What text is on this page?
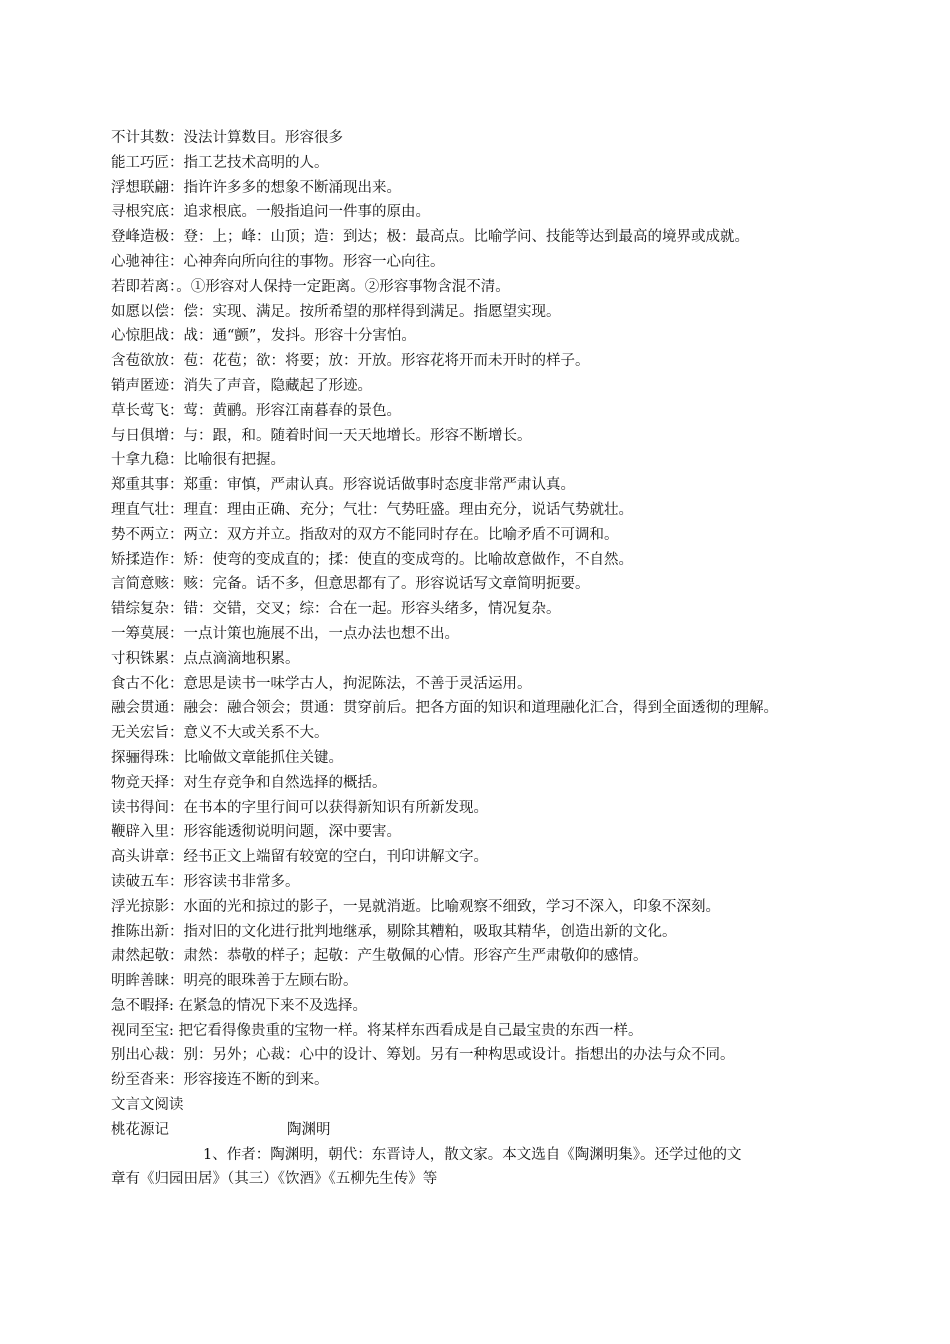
不计其数：没法计算数目。形容很多
能工巧匠：指工艺技术高明的人。
浮想联翩：指许许多多的想象不断涌现出来。
寻根究底：追求根底。一般指追问一件事的原由。
登峰造极：登：上；峰：山顶；造：到达；极：最高点。比喻学问、技能等达到最高的境界或成就。
心驰神往：心神奔向所向往的事物。形容一心向往。
若即若离：。①形容对人保持一定距离。②形容事物含混不清。
如愿以偿：偿：实现、满足。按所希望的那样得到满足。指愿望实现。
心惊胆战：战：通“颤”，发抖。形容十分害怕。
含苞欲放：苞：花苞；欲：将要；放：开放。形容花将开而未开时的样子。
销声匿迹：消失了声音，隐藏起了形迹。
草长莺飞：莺：黄鹂。形容江南暮春的景色。
与日俱增：与：跟，和。随着时间一天天地增长。形容不断增长。
十拿九稳：比喻很有把握。
郑重其事：郑重：审慎，严肃认真。形容说话做事时态度非常严肃认真。
理直气壮：理直：理由正确、充分；气壮：气势旺盛。理由充分，说话气势就壮。
势不两立：两立：双方并立。指敌对的双方不能同时存在。比喻矛盾不可调和。
矫揉造作：矫：使弯的变成直的；揉：使直的变成弯的。比喻故意做作，不自然。
言简意赅：赅：完备。话不多，但意思都有了。形容说话写文章简明扼要。
错综复杂：错：交错，交叉；综：合在一起。形容头绪多，情况复杂。
一筹莫展：一点计策也施展不出，一点办法也想不出。
寸积铢累：点点滴滴地积累。
食古不化：意思是读书一味学古人，拘泥陈法，不善于灵活运用。
融会贯通：融会：融合领会；贯通：贯穿前后。把各方面的知识和道理融化汇合，得到全面透彻的理解。
无关宏旨：意义不大或关系不大。
探骊得珠：比喻做文章能抓住关键。
物竞天择：对生存竞争和自然选择的概括。
读书得间：在书本的字里行间可以获得新知识有所新发现。
鞭辟入里：形容能透彻说明问题，深中要害。
高头讲章：经书正文上端留有较宽的空白，刊印讲解文字。
读破五车：形容读书非常多。
浮光掠影：水面的光和掠过的影子，一晃就消逝。比喻观察不细致，学习不深入，印象不深刻。
推陈出新：指对旧的文化进行批判地继承，剔除其糟粕，吸取其精华，创造出新的文化。
肃然起敬：肃然：恭敬的样子；起敬：产生敬佩的心情。形容产生严肃敬仰的感情。
明眸善睐：明亮的眼珠善于左顾右盼。
急不暇择: 在紧急的情况下来不及选择。
视同至宝: 把它看得像贵重的宝物一样。将某样东西看成是自己最宝贵的东西一样。
别出心裁：别：另外；心裁：心中的设计、筹划。另有一种构思或设计。指想出的办法与众不同。
纷至沓来：形容接连不断的到来。
文言文阅读
桃花源记	陶渊明
1、作者：陶渊明，朝代：东晋诗人，散文家。本文选自《陶渊明集》。还学过他的文
章有《归园田居》（其三）《饮酒》《五柳先生传》等
